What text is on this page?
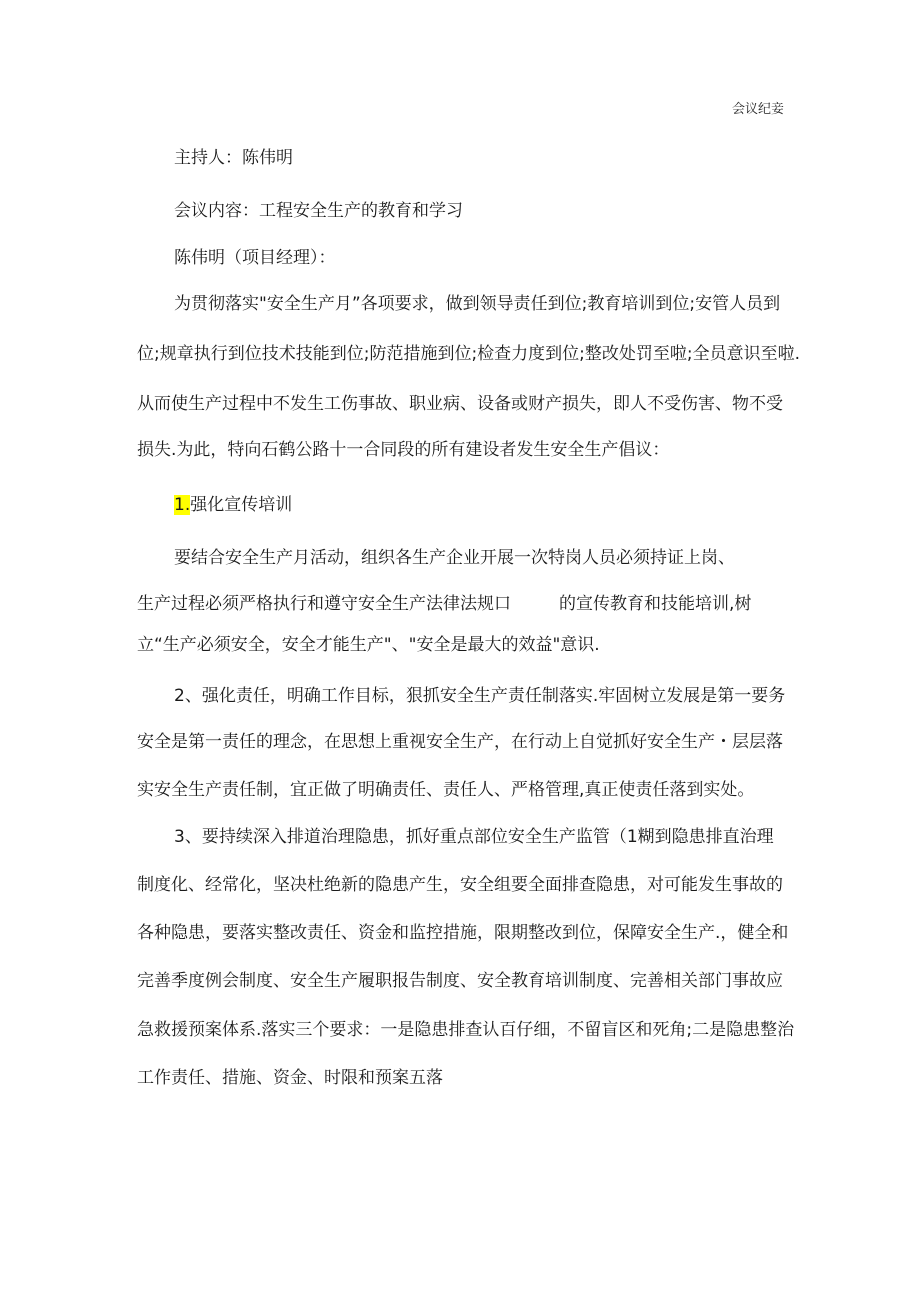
会议纪妾
主持人：陈伟明
会议内容：工程安全生产的教育和学习
陈伟明（项目经理）：
为贯彻落实"安全生产月”各项要求，做到领导责任到位;教育培训到位;安管人员到
位;规章执行到位技术技能到位;防范措施到位;检查力度到位;整改处罚至啦;全员意识至啦.
从而使生产过程中不发生工伤事故、职业病、设备或财产损失，即人不受伤害、物不受
损失.为此，特向石鹤公路十一合同段的所有建设者发生安全生产倡议：
1.强化宣传培训
要结合安全生产月活动，组织各生产企业开展一次特岗人员必须持证上岗、
生产过程必须严格执行和遵守安全生产法律法规口	的宣传教育和技能培训,树
立“生产必须安全，安全才能生产"、"安全是最大的效益"意识.
2、强化责任，明确工作目标，狠抓安全生产责任制落实.牢固树立发展是第一要务
安全是第一责任的理念，在思想上重视安全生产，在行动上自觉抓好安全生产・层层落
实安全生产责任制，宜正做了明确责任、责任人、严格管理,真正使责任落到实处。
3、要持续深入排道治理隐患，抓好重点部位安全生产监管（1糊到隐患排直治理
制度化、经常化，坚决杜绝新的隐患产生，安全组要全面排查隐患，对可能发生事故的
各种隐患，要落实整改责任、资金和监控措施，限期整改到位，保障安全生产.，健全和
完善季度例会制度、安全生产履职报告制度、安全教育培训制度、完善相关部门事故应
急救援预案体系.落实三个要求：一是隐患排查认百仔细，不留盲区和死角;二是隐患整治
工作责任、措施、资金、时限和预案五落
